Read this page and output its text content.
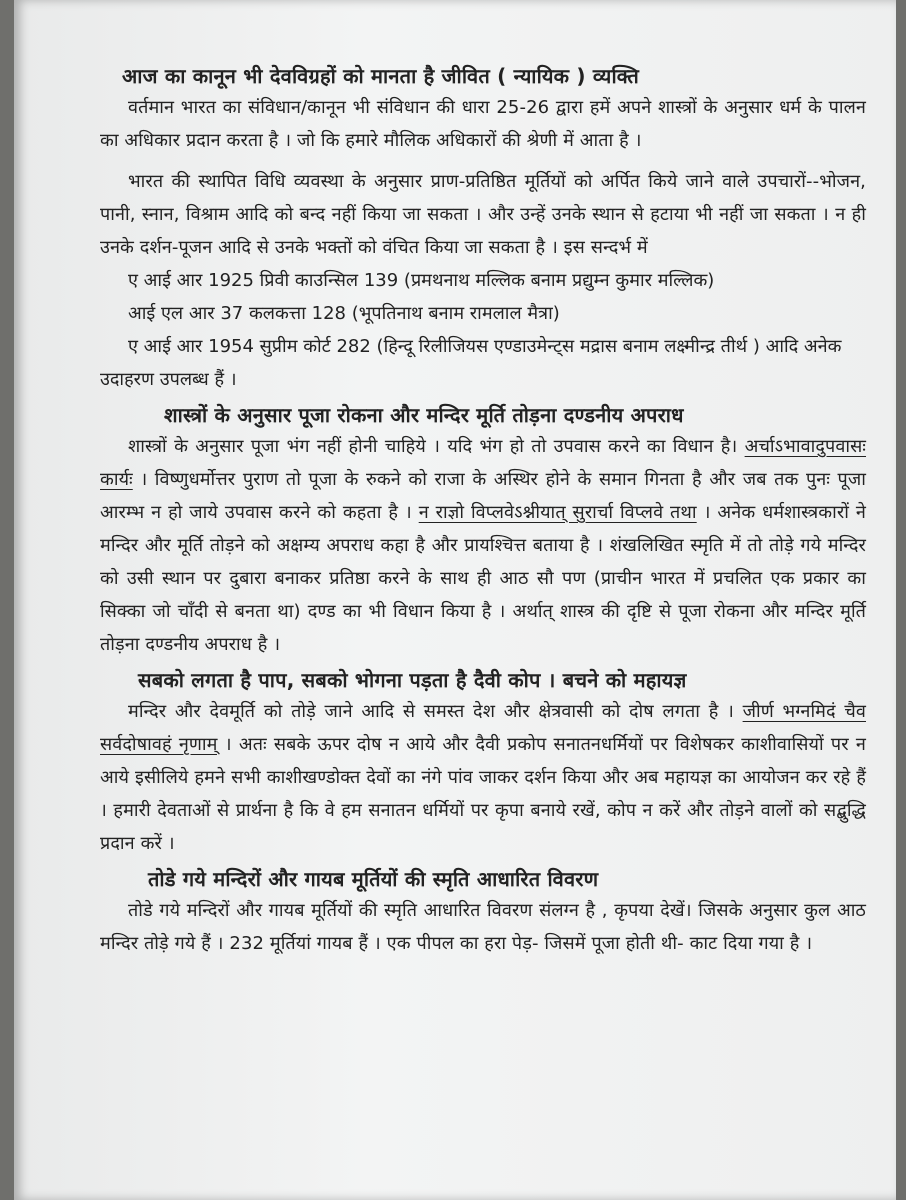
आज का कानून भी देवविग्रहों को मानता है जीवित ( न्यायिक ) व्यक्ति

वर्तमान भारत का संविधान/कानून भी संविधान की धारा 25-26 द्वारा हमें अपने शास्त्रों के अनुसार धर्म के पालन का अधिकार प्रदान करता है । जो कि हमारे मौलिक अधिकारों की श्रेणी में आता है ।

भारत की स्थापित विधि व्यवस्था के अनुसार प्राण-प्रतिष्ठित मूर्तियों को अर्पित किये जाने वाले उपचारों--भोजन, पानी, स्नान, विश्राम आदि को बन्द नहीं किया जा सकता । और उन्हें उनके स्थान से हटाया भी नहीं जा सकता । न ही उनके दर्शन-पूजन आदि से उनके भक्तों को वंचित किया जा सकता है । इस सन्दर्भ में

ए आई आर 1925 प्रिवी काउन्सिल 139 (प्रमथनाथ मल्लिक बनाम प्रद्युम्न कुमार मल्लिक)

आई एल आर 37 कलकत्ता 128 (भूपतिनाथ बनाम रामलाल मैत्रा)

ए आई आर 1954 सुप्रीम कोर्ट 282 (हिन्दू रिलीजियस एण्डाउमेन्ट्स मद्रास बनाम लक्ष्मीन्द्र तीर्थ ) आदि अनेक उदाहरण उपलब्ध हैं ।

शास्त्रों के अनुसार पूजा रोकना और मन्दिर मूर्ति तोड़ना दण्डनीय अपराध

शास्त्रों के अनुसार पूजा भंग नहीं होनी चाहिये । यदि भंग हो तो उपवास करने का विधान है। अर्चाऽभावादुपवासः कार्यः । विष्णुधर्मोत्तर पुराण तो पूजा के रुकने को राजा के अस्थिर होने के समान गिनता है और जब तक पुनः पूजा आरम्भ न हो जाये उपवास करने को कहता है । न राज्ञो विप्लवेऽश्नीयात् सुरार्चा विप्लवे तथा । अनेक धर्मशास्त्रकारों ने मन्दिर और मूर्ति तोड़ने को अक्षम्य अपराध कहा है और प्रायश्चित्त बताया है । शंखलिखित स्मृति में तो तोड़े गये मन्दिर को उसी स्थान पर दुबारा बनाकर प्रतिष्ठा करने के साथ ही आठ सौ पण (प्राचीन भारत में प्रचलित एक प्रकार का सिक्का जो चाँदी से बनता था) दण्ड का भी विधान किया है । अर्थात् शास्त्र की दृष्टि से पूजा रोकना और मन्दिर मूर्ति तोड़ना दण्डनीय अपराध है ।

सबको लगता है पाप, सबको भोगना पड़ता है दैवी कोप । बचने को महायज्ञ

मन्दिर और देवमूर्ति को तोड़े जाने आदि से समस्त देश और क्षेत्रवासी को दोष लगता है । जीर्ण भग्नमिदं चैव सर्वदोषावहं नृणाम् । अतः सबके ऊपर दोष न आये और दैवी प्रकोप सनातनधर्मियों पर विशेषकर काशीवासियों पर न आये इसीलिये हमने सभी काशीखण्डोक्त देवों का नंगे पांव जाकर दर्शन किया और अब महायज्ञ का आयोजन कर रहे हैं । हमारी देवताओं से प्रार्थना है कि वे हम सनातन धर्मियों पर कृपा बनाये रखें, कोप न करें और तोड़ने वालों को सद्बुद्धि प्रदान करें ।

तोडे गये मन्दिरों और गायब मूर्तियों की स्मृति आधारित विवरण

तोडे गये मन्दिरों और गायब मूर्तियों की स्मृति आधारित विवरण संलग्न है , कृपया देखें। जिसके अनुसार कुल आठ मन्दिर तोड़े गये हैं । 232 मूर्तियां गायब हैं । एक पीपल का हरा पेड़- जिसमें पूजा होती थी- काट दिया गया है ।
